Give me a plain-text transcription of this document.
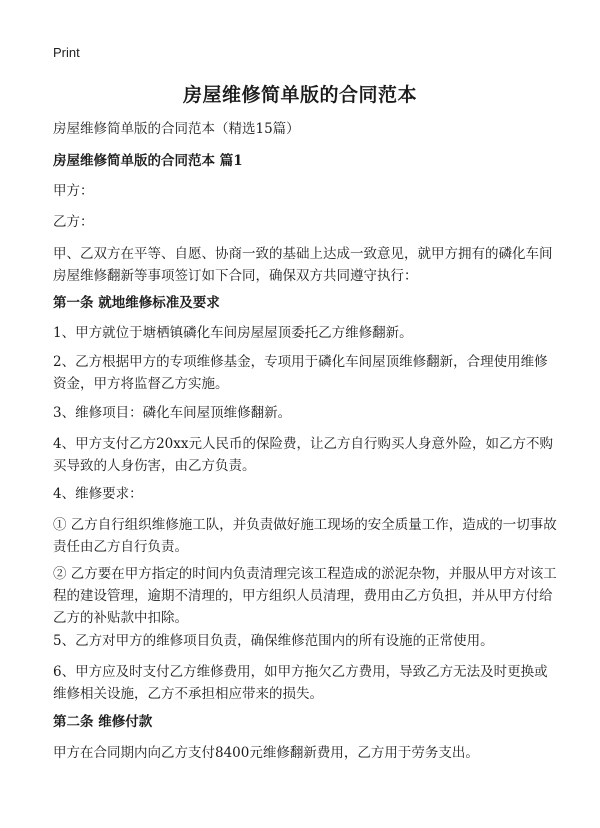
Print
房屋维修简单版的合同范本
房屋维修简单版的合同范本（精选15篇）
房屋维修简单版的合同范本 篇1
甲方：
乙方：
甲、乙双方在平等、自愿、协商一致的基础上达成一致意见，就甲方拥有的磷化车间房屋维修翻新等事项签订如下合同，确保双方共同遵守执行：
第一条 就地维修标准及要求
1、甲方就位于塘栖镇磷化车间房屋屋顶委托乙方维修翻新。
2、乙方根据甲方的专项维修基金，专项用于磷化车间屋顶维修翻新，合理使用维修资金，甲方将监督乙方实施。
3、维修项目：磷化车间屋顶维修翻新。
4、甲方支付乙方20xx元人民币的保险费，让乙方自行购买人身意外险，如乙方不购买导致的人身伤害，由乙方负责。
4、维修要求：
① 乙方自行组织维修施工队，并负责做好施工现场的安全质量工作，造成的一切事故责任由乙方自行负责。
② 乙方要在甲方指定的时间内负责清理完该工程造成的淤泥杂物，并服从甲方对该工程的建设管理，逾期不清理的，甲方组织人员清理，费用由乙方负担，并从甲方付给乙方的补贴款中扣除。
5、乙方对甲方的维修项目负责，确保维修范围内的所有设施的正常使用。
6、甲方应及时支付乙方维修费用，如甲方拖欠乙方费用，导致乙方无法及时更换或维修相关设施，乙方不承担相应带来的损失。
第二条 维修付款
甲方在合同期内向乙方支付8400元维修翻新费用，乙方用于劳务支出。
